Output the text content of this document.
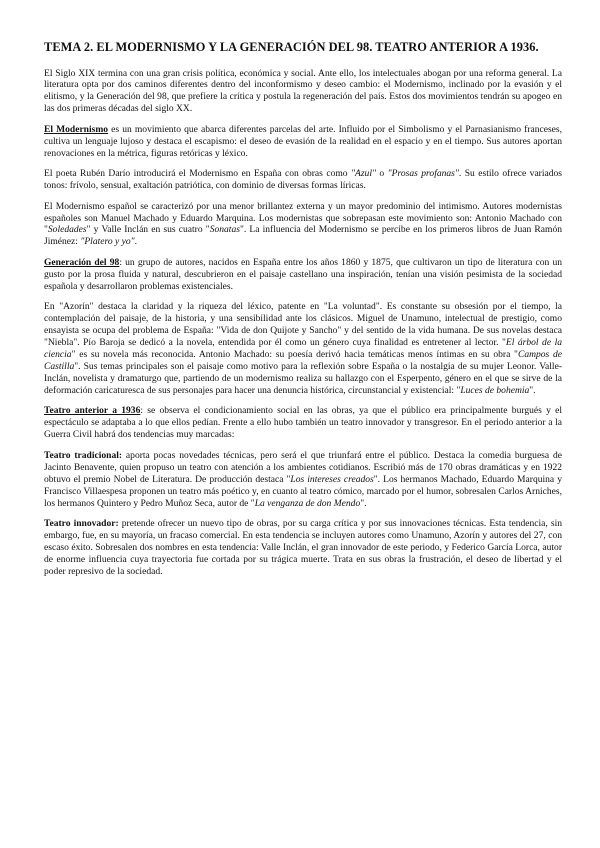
TEMA 2. EL MODERNISMO Y LA GENERACIÓN DEL 98. TEATRO ANTERIOR A 1936.

El Siglo XIX termina con una gran crisis política, económica y social. Ante ello, los intelectuales abogan por una reforma general. La literatura opta por dos caminos diferentes dentro del inconformismo y deseo cambio: el Modernismo, inclinado por la evasión y el elitismo, y la Generación del 98, que prefiere la crítica y postula la regeneración del país. Estos dos movimientos tendrán su apogeo en las dos primeras décadas del siglo XX.

El Modernismo es un movimiento que abarca diferentes parcelas del arte. Influido por el Simbolismo y el Parnasianismo franceses, cultiva un lenguaje lujoso y destaca el escapismo: el deseo de evasión de la realidad en el espacio y en el tiempo. Sus autores aportan renovaciones en la métrica, figuras retóricas y léxico.

El poeta Rubén Darío introducirá el Modernismo en España con obras como "Azul" o "Prosas profanas". Su estilo ofrece variados tonos: frívolo, sensual, exaltación patriótica, con dominio de diversas formas líricas.

El Modernismo español se caracterizó por una menor brillantez externa y un mayor predominio del intimismo. Autores modernistas españoles son Manuel Machado y Eduardo Marquina. Los modernistas que sobrepasan este movimiento son: Antonio Machado con "Soledades" y Valle Inclán en sus cuatro "Sonatas". La influencia del Modernismo se percibe en los primeros libros de Juan Ramón Jiménez: "Platero y yo".

Generación del 98: un grupo de autores, nacidos en España entre los años 1860 y 1875, que cultivaron un tipo de literatura con un gusto por la prosa fluida y natural, descubrieron en el paisaje castellano una inspiración, tenían una visión pesimista de la sociedad española y desarrollaron problemas existenciales.

En "Azorín" destaca la claridad y la riqueza del léxico, patente en "La voluntad". Es constante su obsesión por el tiempo, la contemplación del paisaje, de la historia, y una sensibilidad ante los clásicos. Miguel de Unamuno, intelectual de prestigio, como ensayista se ocupa del problema de España: "Vida de don Quijote y Sancho" y del sentido de la vida humana. De sus novelas destaca "Niebla". Pío Baroja se dedicó a la novela, entendida por él como un género cuya finalidad es entretener al lector. "El árbol de la ciencia" es su novela más reconocida. Antonio Machado: su poesía derivó hacia temáticas menos íntimas en su obra "Campos de Castilla". Sus temas principales son el paisaje como motivo para la reflexión sobre España o la nostalgia de su mujer Leonor. Valle-Inclán, novelista y dramaturgo que, partiendo de un modernismo realiza su hallazgo con el Esperpento, género en el que se sirve de la deformación caricaturesca de sus personajes para hacer una denuncia histórica, circunstancial y existencial: "Luces de bohemia".

Teatro anterior a 1936: se observa el condicionamiento social en las obras, ya que el público era principalmente burgués y el espectáculo se adaptaba a lo que ellos pedían. Frente a ello hubo también un teatro innovador y transgresor. En el periodo anterior a la Guerra Civil habrá dos tendencias muy marcadas:

Teatro tradicional: aporta pocas novedades técnicas, pero será el que triunfará entre el público. Destaca la comedia burguesa de Jacinto Benavente, quien propuso un teatro con atención a los ambientes cotidianos. Escribió más de 170 obras dramáticas y en 1922 obtuvo el premio Nobel de Literatura. De producción destaca "Los intereses creados". Los hermanos Machado, Eduardo Marquina y Francisco Villaespesa proponen un teatro más poético y, en cuanto al teatro cómico, marcado por el humor, sobresalen Carlos Arniches, los hermanos Quintero y Pedro Muñoz Seca, autor de "La venganza de don Mendo".

Teatro innovador: pretende ofrecer un nuevo tipo de obras, por su carga crítica y por sus innovaciones técnicas. Esta tendencia, sin embargo, fue, en su mayoría, un fracaso comercial. En esta tendencia se incluyen autores como Unamuno, Azorín y autores del 27, con escaso éxito. Sobresalen dos nombres en esta tendencia: Valle Inclán, el gran innovador de este periodo, y Federico García Lorca, autor de enorme influencia cuya trayectoria fue cortada por su trágica muerte. Trata en sus obras la frustración, el deseo de libertad y el poder represivo de la sociedad.
